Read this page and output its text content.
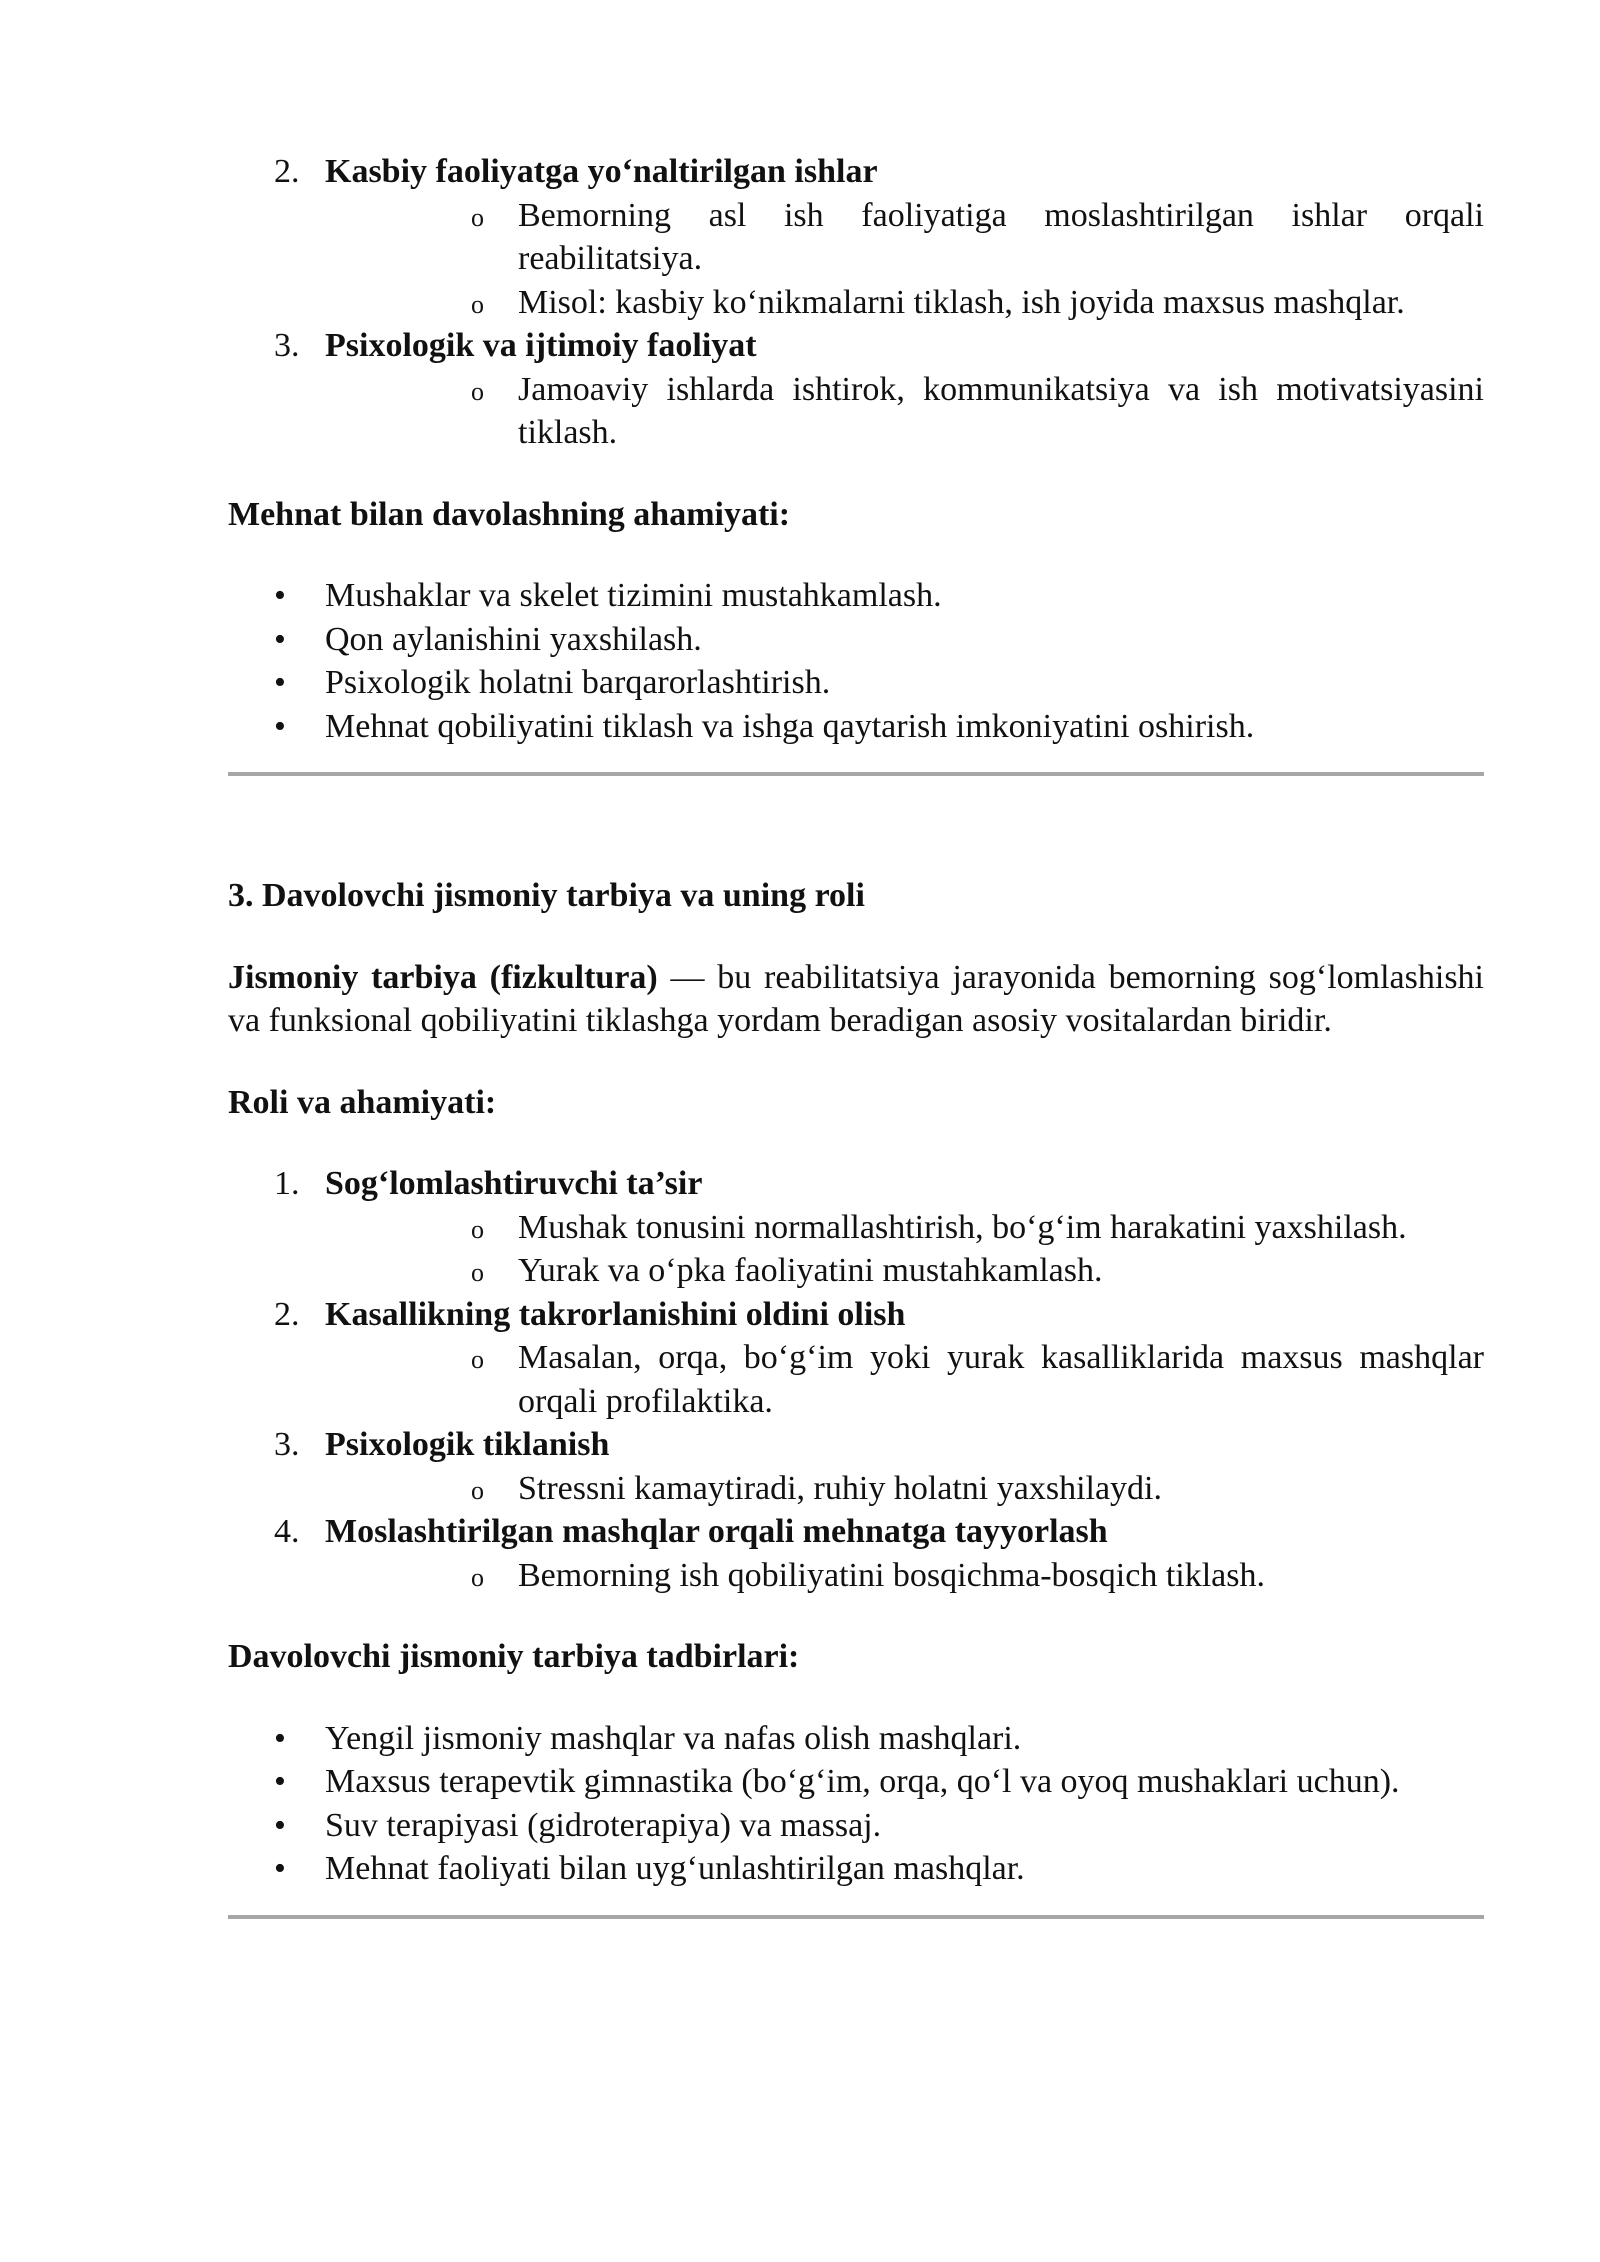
2. Kasbiy faoliyatga yo‘naltirilgan ishlar
o Bemorning asl ish faoliyatiga moslashtirilgan ishlar orqali reabilitatsiya.
o Misol: kasbiy ko‘nikmalarni tiklash, ish joyida maxsus mashqlar.
3. Psixologik va ijtimoiy faoliyat
o Jamoaviy ishlarda ishtirok, kommunikatsiya va ish motivatsiyasini tiklash.
Mehnat bilan davolashning ahamiyati:
• Mushaklar va skelet tizimini mustahkamlash.
• Qon aylanishini yaxshilash.
• Psixologik holatni barqarorlashtirish.
• Mehnat qobiliyatini tiklash va ishga qaytarish imkoniyatini oshirish.
3. Davolovchi jismoniy tarbiya va uning roli

Jismoniy tarbiya (fizkultura) — bu reabilitatsiya jarayonida bemorning sog‘lomlashishi va funksional qobiliyatini tiklashga yordam beradigan asosiy vositalardan biridir.

Roli va ahamiyati:
1. Sog‘lomlashtiruvchi ta’sir
o Mushak tonusini normallashtirish, bo‘g‘im harakatini yaxshilash.
o Yurak va o‘pka faoliyatini mustahkamlash.
2. Kasallikning takrorlanishini oldini olish
o Masalan, orqa, bo‘g‘im yoki yurak kasalliklarida maxsus mashqlar orqali profilaktika.
3. Psixologik tiklanish
o Stressni kamaytiradi, ruhiy holatni yaxshilaydi.
4. Moslashtirilgan mashqlar orqali mehnatga tayyorlash
o Bemorning ish qobiliyatini bosqichma-bosqich tiklash.
Davolovchi jismoniy tarbiya tadbirlari:
• Yengil jismoniy mashqlar va nafas olish mashqlari.
• Maxsus terapevtik gimnastika (bo‘g‘im, orqa, qo‘l va oyoq mushaklari uchun).
• Suv terapiyasi (gidroterapiya) va massaj.
• Mehnat faoliyati bilan uyg‘unlashtirilgan mashqlar.
